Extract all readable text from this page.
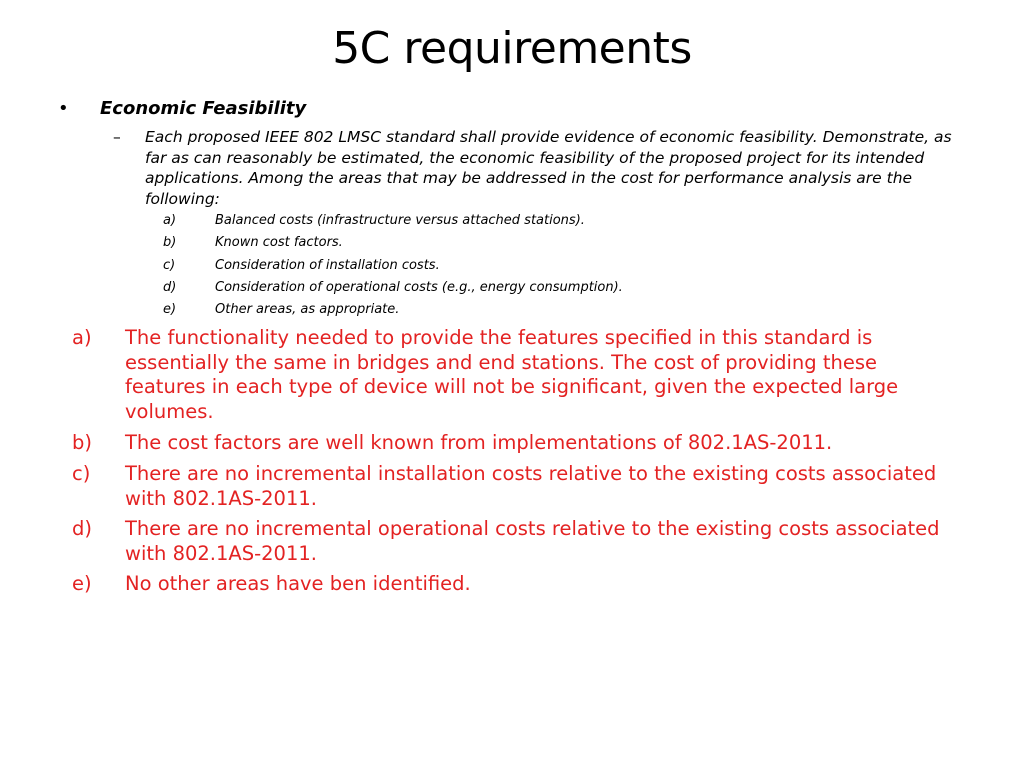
5C requirements
• Economic Feasibility
– Each proposed IEEE 802 LMSC standard shall provide evidence of economic feasibility. Demonstrate, as far as can reasonably be estimated, the economic feasibility of the proposed project for its intended applications. Among the areas that may be addressed in the cost for performance analysis are the following:
a)	Balanced costs (infrastructure versus attached stations).
b)	Known cost factors.
c)	Consideration of installation costs.
d)	Consideration of operational costs (e.g., energy consumption).
e)	Other areas, as appropriate.
a) The functionality needed to provide the features specified in this standard is essentially the same in bridges and end stations. The cost of providing these features in each type of device will not be significant, given the expected large volumes.
b) The cost factors are well known from implementations of 802.1AS-2011.
c) There are no incremental installation costs relative to the existing costs associated with 802.1AS-2011.
d) There are no incremental operational costs relative to the existing costs associated with 802.1AS-2011.
e) No other areas have ben identified.
